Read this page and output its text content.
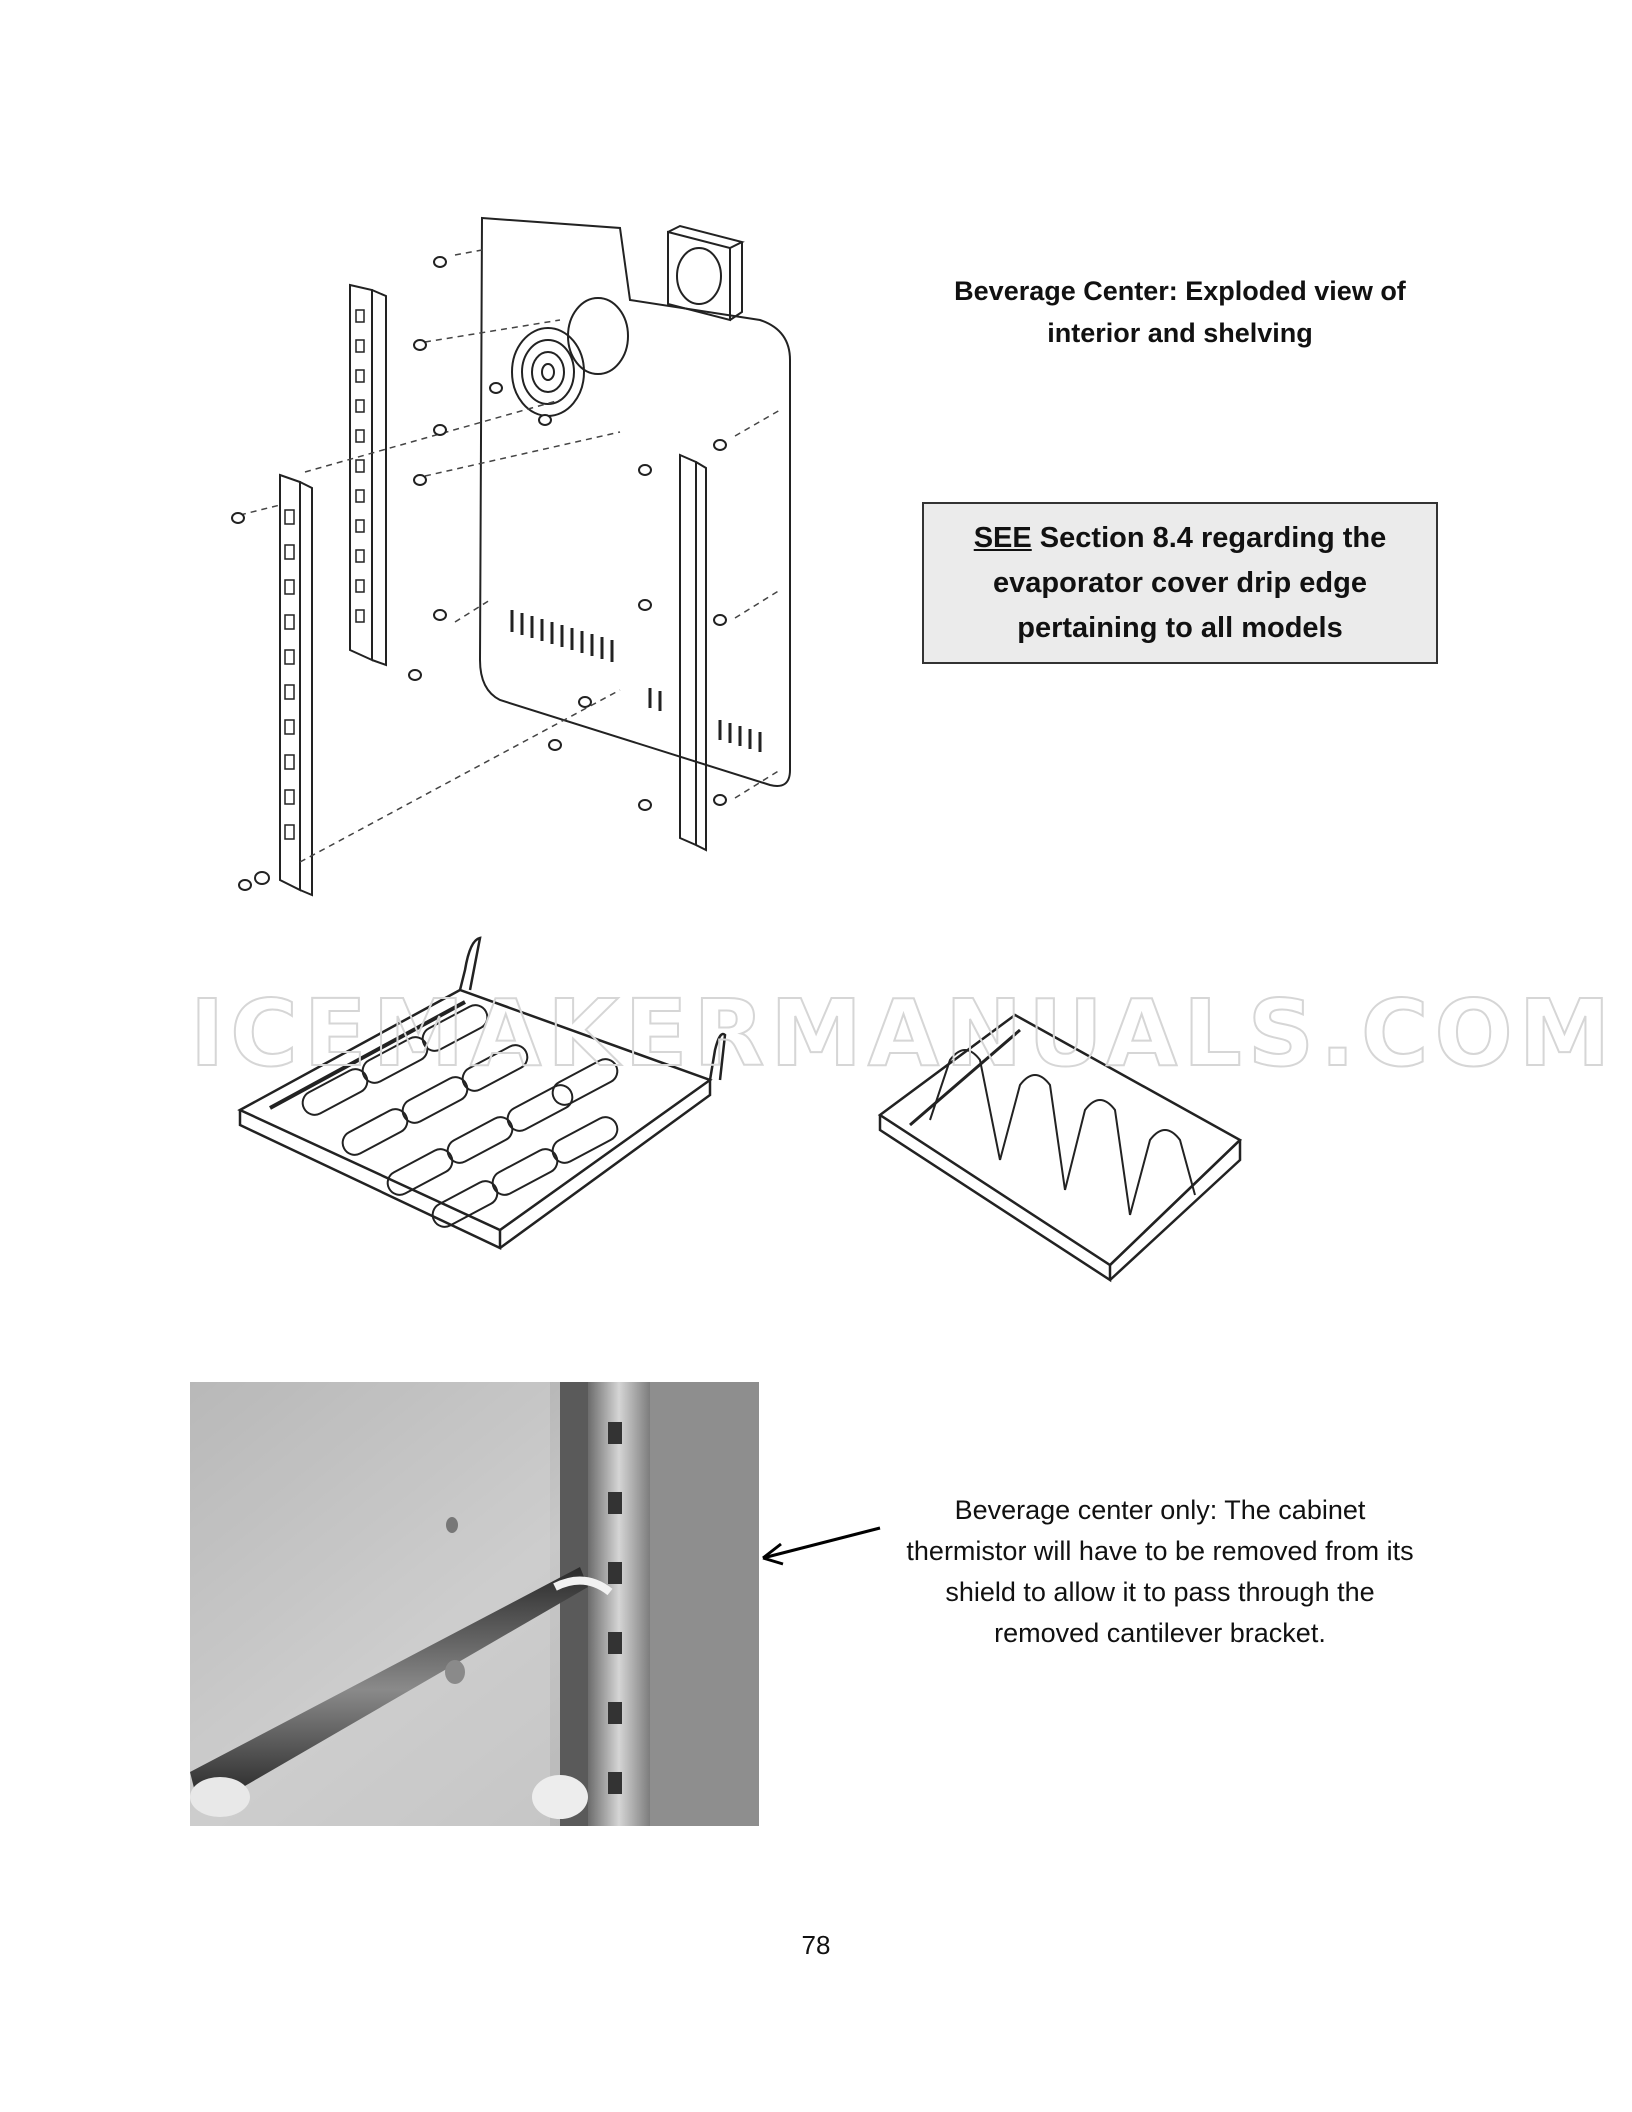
Beverage Center: Exploded view of
interior and shelving
SEE Section 8.4 regarding the
evaporator cover drip edge
pertaining to all models
ICEMAKERMANUALS.COM
Beverage center only: The cabinet
thermistor will have to be removed from its
shield to allow it to pass through the
removed cantilever bracket.
78
